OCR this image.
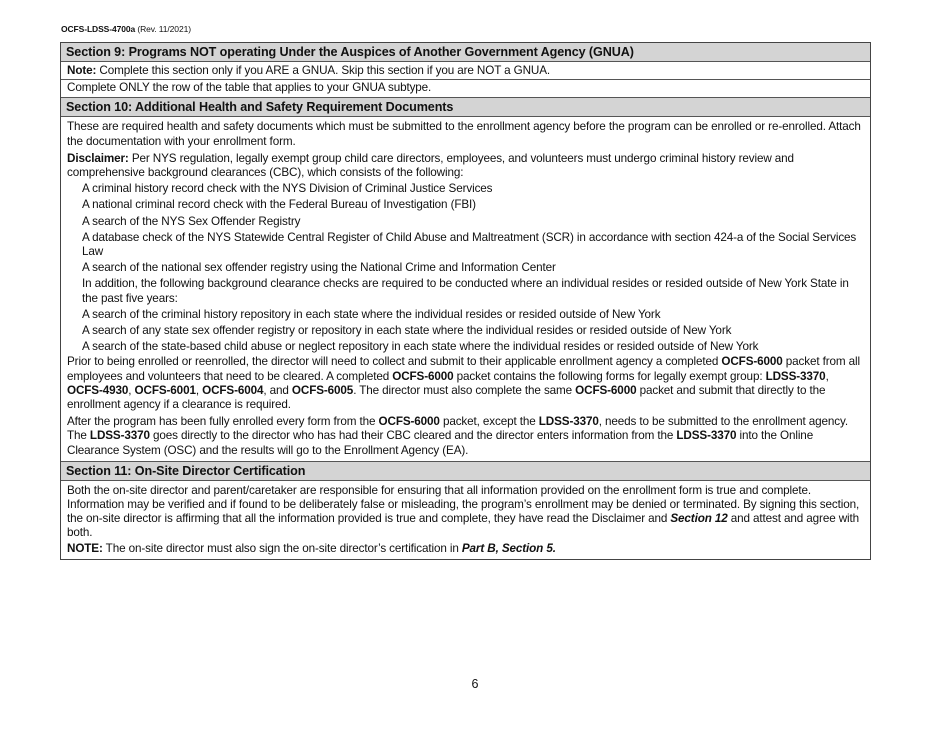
OCFS-LDSS-4700a (Rev. 11/2021)
Section 9: Programs NOT operating Under the Auspices of Another Government Agency (GNUA)
Note: Complete this section only if you ARE a GNUA. Skip this section if you are NOT a GNUA.
Complete ONLY the row of the table that applies to your GNUA subtype.
Section 10: Additional Health and Safety Requirement Documents
These are required health and safety documents which must be submitted to the enrollment agency before the program can be enrolled or re-enrolled. Attach the documentation with your enrollment form.
Disclaimer: Per NYS regulation, legally exempt group child care directors, employees, and volunteers must undergo criminal history review and comprehensive background clearances (CBC), which consists of the following:
A criminal history record check with the NYS Division of Criminal Justice Services
A national criminal record check with the Federal Bureau of Investigation (FBI)
A search of the NYS Sex Offender Registry
A database check of the NYS Statewide Central Register of Child Abuse and Maltreatment (SCR) in accordance with section 424-a of the Social Services Law
A search of the national sex offender registry using the National Crime and Information Center
In addition, the following background clearance checks are required to be conducted where an individual resides or resided outside of New York State in the past five years:
A search of the criminal history repository in each state where the individual resides or resided outside of New York
A search of any state sex offender registry or repository in each state where the individual resides or resided outside of New York
A search of the state-based child abuse or neglect repository in each state where the individual resides or resided outside of New York
Prior to being enrolled or reenrolled, the director will need to collect and submit to their applicable enrollment agency a completed OCFS-6000 packet from all employees and volunteers that need to be cleared. A completed OCFS-6000 packet contains the following forms for legally exempt group: LDSS-3370, OCFS-4930, OCFS-6001, OCFS-6004, and OCFS-6005. The director must also complete the same OCFS-6000 packet and submit that directly to the enrollment agency if a clearance is required.
After the program has been fully enrolled every form from the OCFS-6000 packet, except the LDSS-3370, needs to be submitted to the enrollment agency. The LDSS-3370 goes directly to the director who has had their CBC cleared and the director enters information from the LDSS-3370 into the Online Clearance System (OSC) and the results will go to the Enrollment Agency (EA).
Section 11: On-Site Director Certification
Both the on-site director and parent/caretaker are responsible for ensuring that all information provided on the enrollment form is true and complete. Information may be verified and if found to be deliberately false or misleading, the program’s enrollment may be denied or terminated. By signing this section, the on-site director is affirming that all the information provided is true and complete, they have read the Disclaimer and Section 12 and attest and agree with both.
NOTE: The on-site director must also sign the on-site director’s certification in Part B, Section 5.
6
